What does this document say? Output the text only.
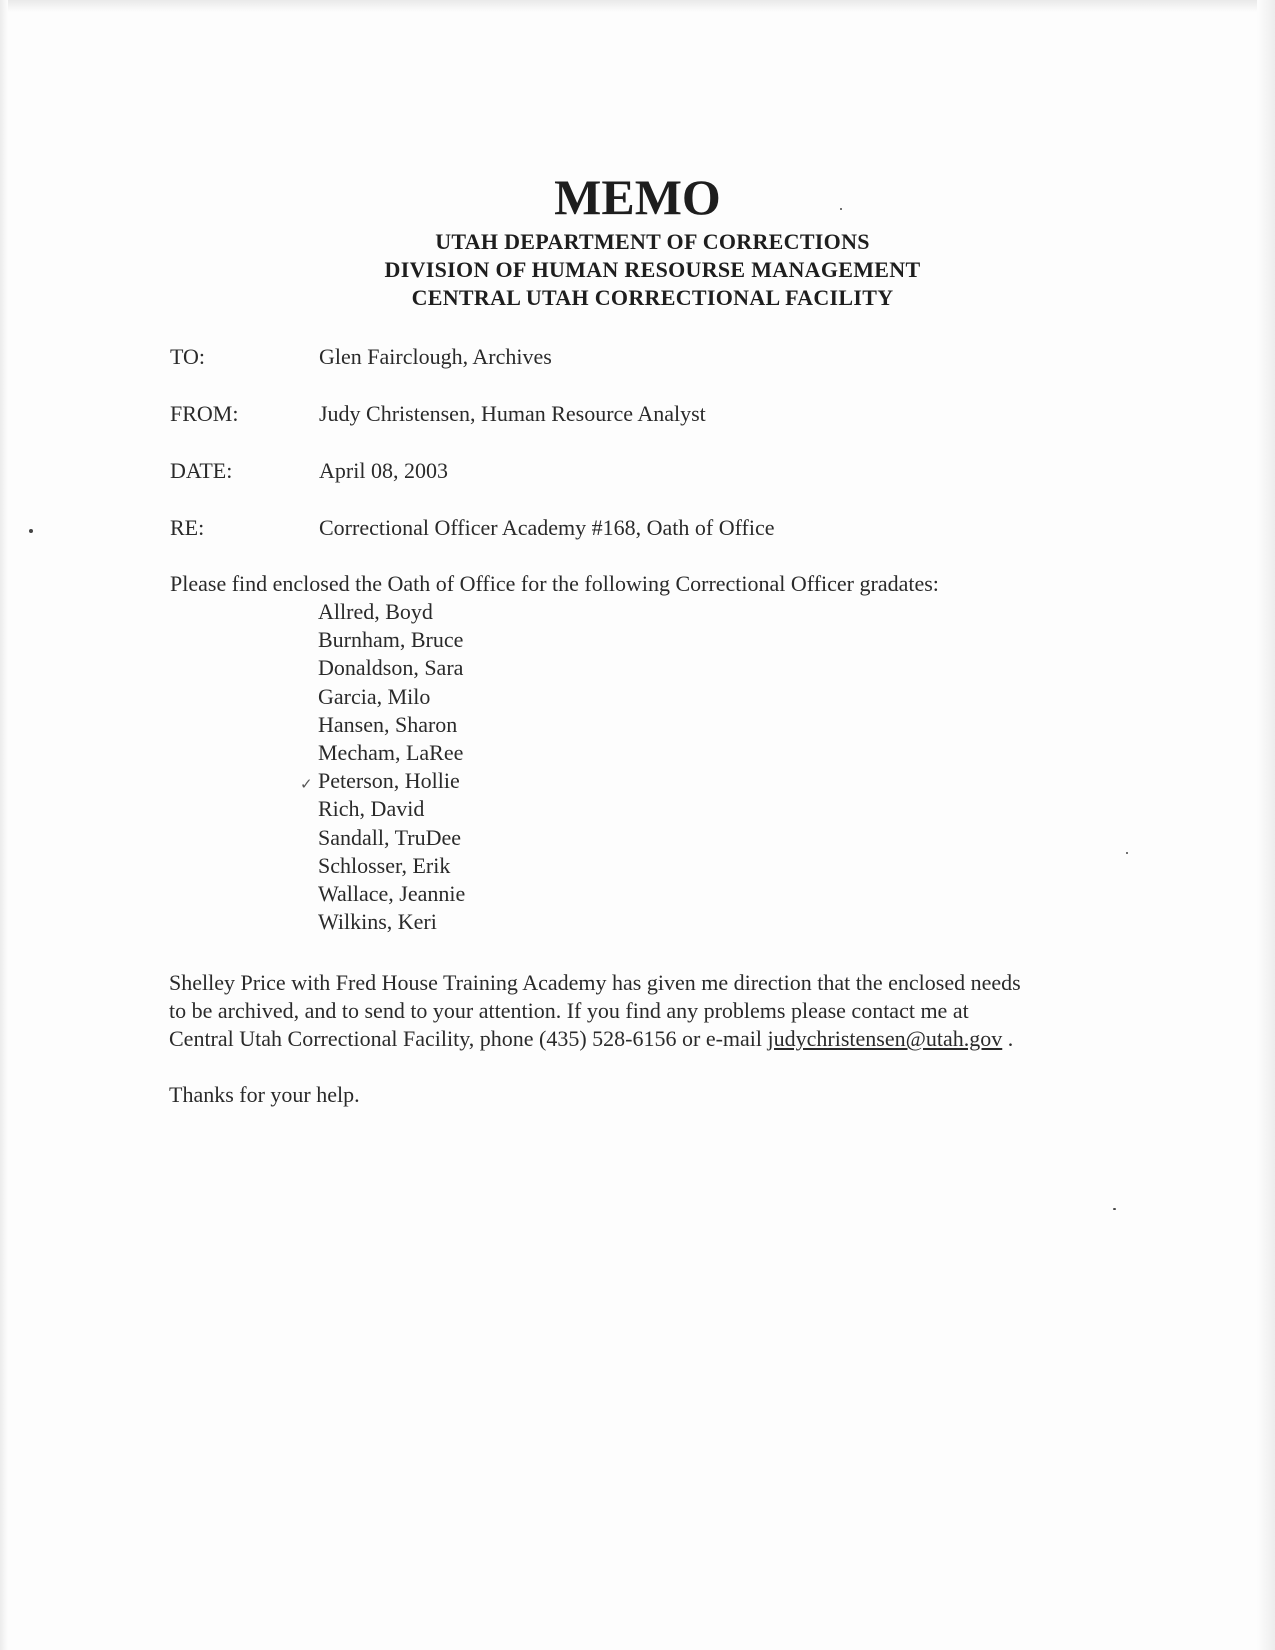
MEMO
UTAH DEPARTMENT OF CORRECTIONS
DIVISION OF HUMAN RESOURSE MANAGEMENT
CENTRAL UTAH CORRECTIONAL FACILITY
TO:	Glen Fairclough, Archives
FROM:	Judy Christensen, Human Resource Analyst
DATE:	April 08, 2003
RE:	Correctional Officer Academy #168, Oath of Office
Please find enclosed the Oath of Office for the following Correctional Officer gradates:
Allred, Boyd
Burnham, Bruce
Donaldson, Sara
Garcia, Milo
Hansen, Sharon
Mecham, LaRee
✓ Peterson, Hollie
Rich, David
Sandall, TruDee
Schlosser, Erik
Wallace, Jeannie
Wilkins, Keri

Shelley Price with Fred House Training Academy has given me direction that the enclosed needs

to be archived, and to send to your attention. If you find any problems please contact me at

Central Utah Correctional Facility, phone (435) 528-6156 or e-mail judychristensen@utah.gov .

Thanks for your help.
